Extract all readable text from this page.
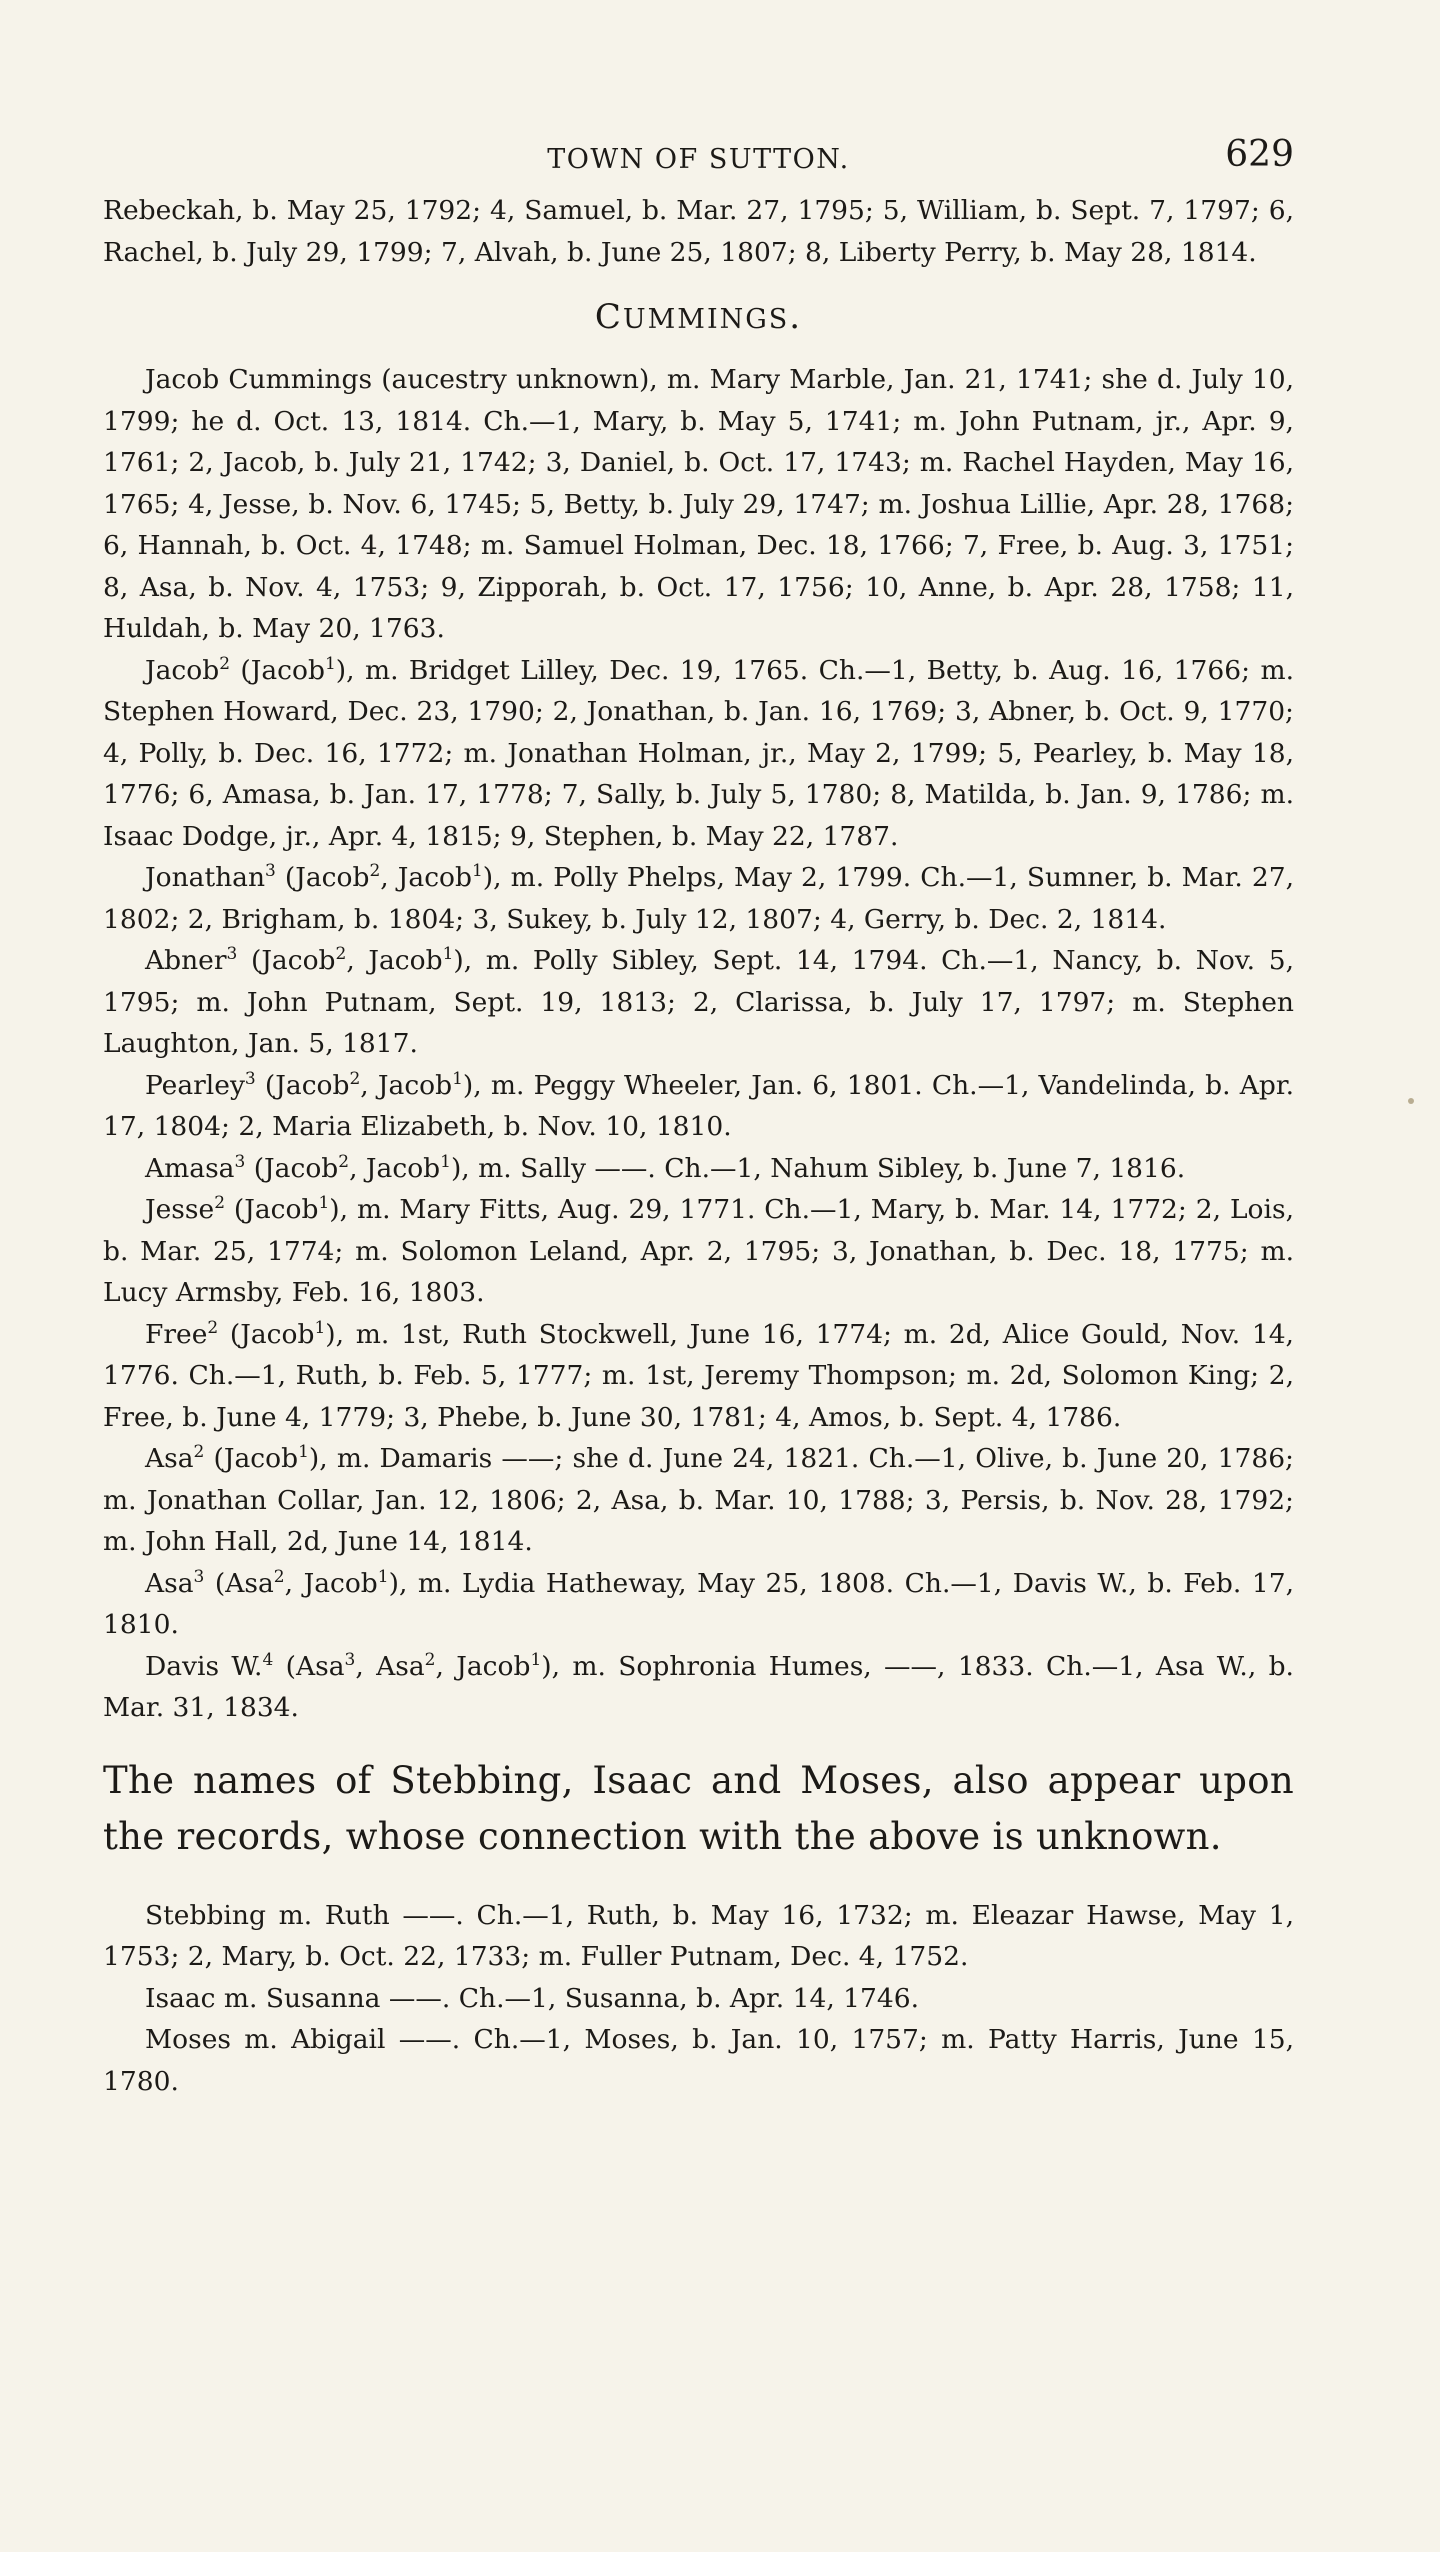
TOWN OF SUTTON.	629

Rebeckah, b. May 25, 1792; 4, Samuel, b. Mar. 27, 1795; 5, William, b. Sept. 7, 1797; 6, Rachel, b. July 29, 1799; 7, Alvah, b. June 25, 1807; 8, Liberty Perry, b. May 28, 1814.

CUMMINGS.

Jacob Cummings (aucestry unknown), m. Mary Marble, Jan. 21, 1741; she d. July 10, 1799; he d. Oct. 13, 1814. Ch.—1, Mary, b. May 5, 1741; m. John Putnam, jr., Apr. 9, 1761; 2, Jacob, b. July 21, 1742; 3, Daniel, b. Oct. 17, 1743; m. Rachel Hayden, May 16, 1765; 4, Jesse, b. Nov. 6, 1745; 5, Betty, b. July 29, 1747; m. Joshua Lillie, Apr. 28, 1768; 6, Hannah, b. Oct. 4, 1748; m. Samuel Holman, Dec. 18, 1766; 7, Free, b. Aug. 3, 1751; 8, Asa, b. Nov. 4, 1753; 9, Zipporah, b. Oct. 17, 1756; 10, Anne, b. Apr. 28, 1758; 11, Huldah, b. May 20, 1763.

Jacob$^2$ (Jacob$^1$), m. Bridget Lilley, Dec. 19, 1765. Ch.—1, Betty, b. Aug. 16, 1766; m. Stephen Howard, Dec. 23, 1790; 2, Jonathan, b. Jan. 16, 1769; 3, Abner, b. Oct. 9, 1770; 4, Polly, b. Dec. 16, 1772; m. Jonathan Holman, jr., May 2, 1799; 5, Pearley, b. May 18, 1776; 6, Amasa, b. Jan. 17, 1778; 7, Sally, b. July 5, 1780; 8, Matilda, b. Jan. 9, 1786; m. Isaac Dodge, jr., Apr. 4, 1815; 9, Stephen, b. May 22, 1787.

Jonathan$^3$ (Jacob$^2$, Jacob$^1$), m. Polly Phelps, May 2, 1799. Ch.—1, Sumner, b. Mar. 27, 1802; 2, Brigham, b. 1804; 3, Sukey, b. July 12, 1807; 4, Gerry, b. Dec. 2, 1814.

Abner$^3$ (Jacob$^2$, Jacob$^1$), m. Polly Sibley, Sept. 14, 1794. Ch.—1, Nancy, b. Nov. 5, 1795; m. John Putnam, Sept. 19, 1813; 2, Clarissa, b. July 17, 1797; m. Stephen Laughton, Jan. 5, 1817.

Pearley$^3$ (Jacob$^2$, Jacob$^1$), m. Peggy Wheeler, Jan. 6, 1801. Ch.—1, Vandelinda, b. Apr. 17, 1804; 2, Maria Elizabeth, b. Nov. 10, 1810.

Amasa$^3$ (Jacob$^2$, Jacob$^1$), m. Sally ——. Ch.—1, Nahum Sibley, b. June 7, 1816.

Jesse$^2$ (Jacob$^1$), m. Mary Fitts, Aug. 29, 1771. Ch.—1, Mary, b. Mar. 14, 1772; 2, Lois, b. Mar. 25, 1774; m. Solomon Leland, Apr. 2, 1795; 3, Jonathan, b. Dec. 18, 1775; m. Lucy Armsby, Feb. 16, 1803.

Free$^2$ (Jacob$^1$), m. 1st, Ruth Stockwell, June 16, 1774; m. 2d, Alice Gould, Nov. 14, 1776. Ch.—1, Ruth, b. Feb. 5, 1777; m. 1st, Jeremy Thompson; m. 2d, Solomon King; 2, Free, b. June 4, 1779; 3, Phebe, b. June 30, 1781; 4, Amos, b. Sept. 4, 1786.

Asa$^2$ (Jacob$^1$), m. Damaris ——; she d. June 24, 1821. Ch.—1, Olive, b. June 20, 1786; m. Jonathan Collar, Jan. 12, 1806; 2, Asa, b. Mar. 10, 1788; 3, Persis, b. Nov. 28, 1792; m. John Hall, 2d, June 14, 1814.

Asa$^3$ (Asa$^2$, Jacob$^1$), m. Lydia Hatheway, May 25, 1808. Ch.—1, Davis W., b. Feb. 17, 1810.

Davis W.$^4$ (Asa$^3$, Asa$^2$, Jacob$^1$), m. Sophronia Humes, ——, 1833. Ch.—1, Asa W., b. Mar. 31, 1834.

The names of Stebbing, Isaac and Moses, also appear upon the records, whose connection with the above is unknown.

Stebbing m. Ruth ——. Ch.—1, Ruth, b. May 16, 1732; m. Eleazar Hawse, May 1, 1753; 2, Mary, b. Oct. 22, 1733; m. Fuller Putnam, Dec. 4, 1752.

Isaac m. Susanna ——. Ch.—1, Susanna, b. Apr. 14, 1746.

Moses m. Abigail ——. Ch.—1, Moses, b. Jan. 10, 1757; m. Patty Harris, June 15, 1780.
